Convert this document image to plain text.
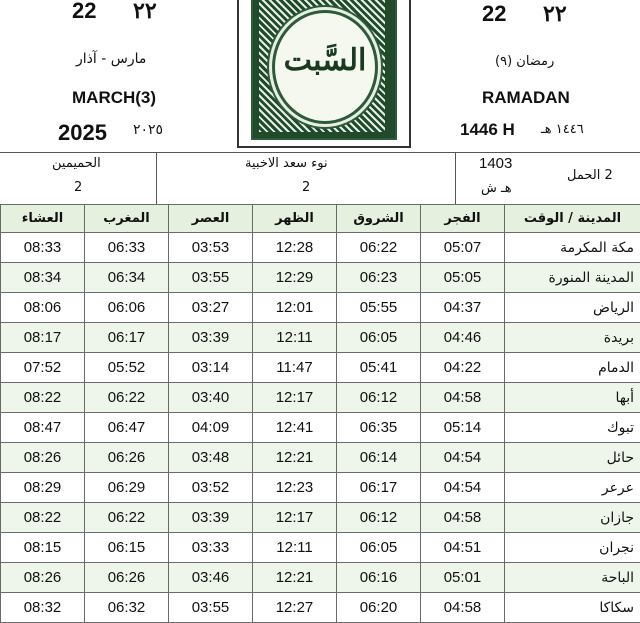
22 ٢٢
مارس - آذار
MARCH(3)
2025 ٢٠٢٥
السَّبت
22 ٢٢
رمضان (٩)
RAMADAN
1446 H ١٤٤٦ هـ
الحميمين
2
نوء سعد الاخبية
2
1403
هـ ش
2 الحمل
العشاء	المغرب	العصر	الظهر	الشروق	الفجر	المدينة / الوقت
08:33	06:33	03:53	12:28	06:22	05:07	مكة المكرمة
08:34	06:34	03:55	12:29	06:23	05:05	المدينة المنورة
08:06	06:06	03:27	12:01	05:55	04:37	الرياض
08:17	06:17	03:39	12:11	06:05	04:46	بريدة
07:52	05:52	03:14	11:47	05:41	04:22	الدمام
08:22	06:22	03:40	12:17	06:12	04:58	أبها
08:47	06:47	04:09	12:41	06:35	05:14	تبوك
08:26	06:26	03:48	12:21	06:14	04:54	حائل
08:29	06:29	03:52	12:23	06:17	04:54	عرعر
08:22	06:22	03:39	12:17	06:12	04:58	جازان
08:15	06:15	03:33	12:11	06:05	04:51	نجران
08:26	06:26	03:46	12:21	06:16	05:01	الباحة
08:32	06:32	03:55	12:27	06:20	04:58	سكاكا
